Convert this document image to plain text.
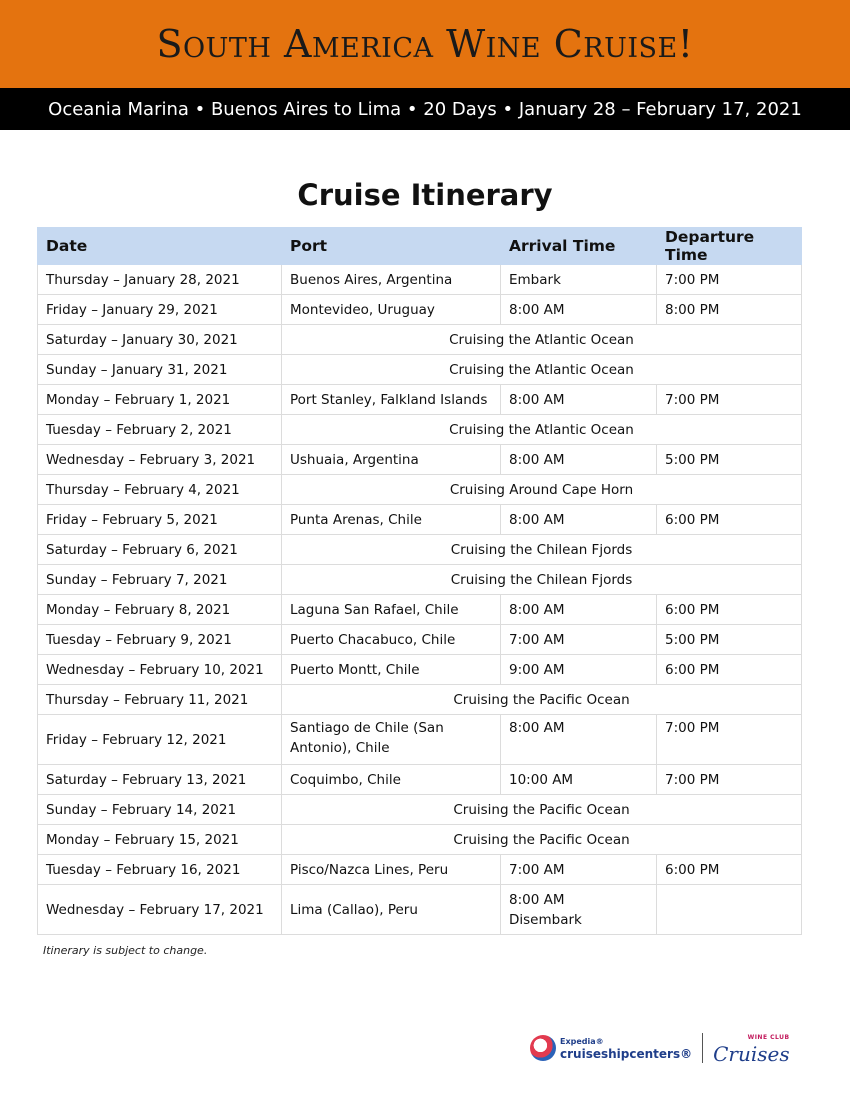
South America Wine Cruise!
Oceania Marina • Buenos Aires to Lima • 20 Days • January 28 – February 17, 2021
Cruise Itinerary
Date	Port	Arrival Time	Departure Time
Thursday – January 28, 2021	Buenos Aires, Argentina	Embark	7:00 PM
Friday – January 29, 2021	Montevideo, Uruguay	8:00 AM	8:00 PM
Saturday – January 30, 2021	Cruising the Atlantic Ocean		
Sunday – January 31, 2021	Cruising the Atlantic Ocean		
Monday – February 1, 2021	Port Stanley, Falkland Islands	8:00 AM	7:00 PM
Tuesday – February 2, 2021	Cruising the Atlantic Ocean		
Wednesday – February 3, 2021	Ushuaia, Argentina	8:00 AM	5:00 PM
Thursday – February 4, 2021	Cruising Around Cape Horn		
Friday – February 5, 2021	Punta Arenas, Chile	8:00 AM	6:00 PM
Saturday – February 6, 2021	Cruising the Chilean Fjords		
Sunday – February 7, 2021	Cruising the Chilean Fjords		
Monday – February 8, 2021	Laguna San Rafael, Chile	8:00 AM	6:00 PM
Tuesday – February 9, 2021	Puerto Chacabuco, Chile	7:00 AM	5:00 PM
Wednesday – February 10, 2021	Puerto Montt, Chile	9:00 AM	6:00 PM
Thursday – February 11, 2021	Cruising the Pacific Ocean		
Friday – February 12, 2021	Santiago de Chile (San Antonio), Chile	8:00 AM	7:00 PM
Saturday – February 13, 2021	Coquimbo, Chile	10:00 AM	7:00 PM
Sunday – February 14, 2021	Cruising the Pacific Ocean		
Monday – February 15, 2021	Cruising the Pacific Ocean		
Tuesday – February 16, 2021	Pisco/Nazca Lines, Peru	7:00 AM	6:00 PM
Wednesday – February 17, 2021	Lima (Callao), Peru	8:00 AM
Disembark	

Itinerary is subject to change.
Expedia®
cruiseshipcenters®
WINE CLUB
Cruises
